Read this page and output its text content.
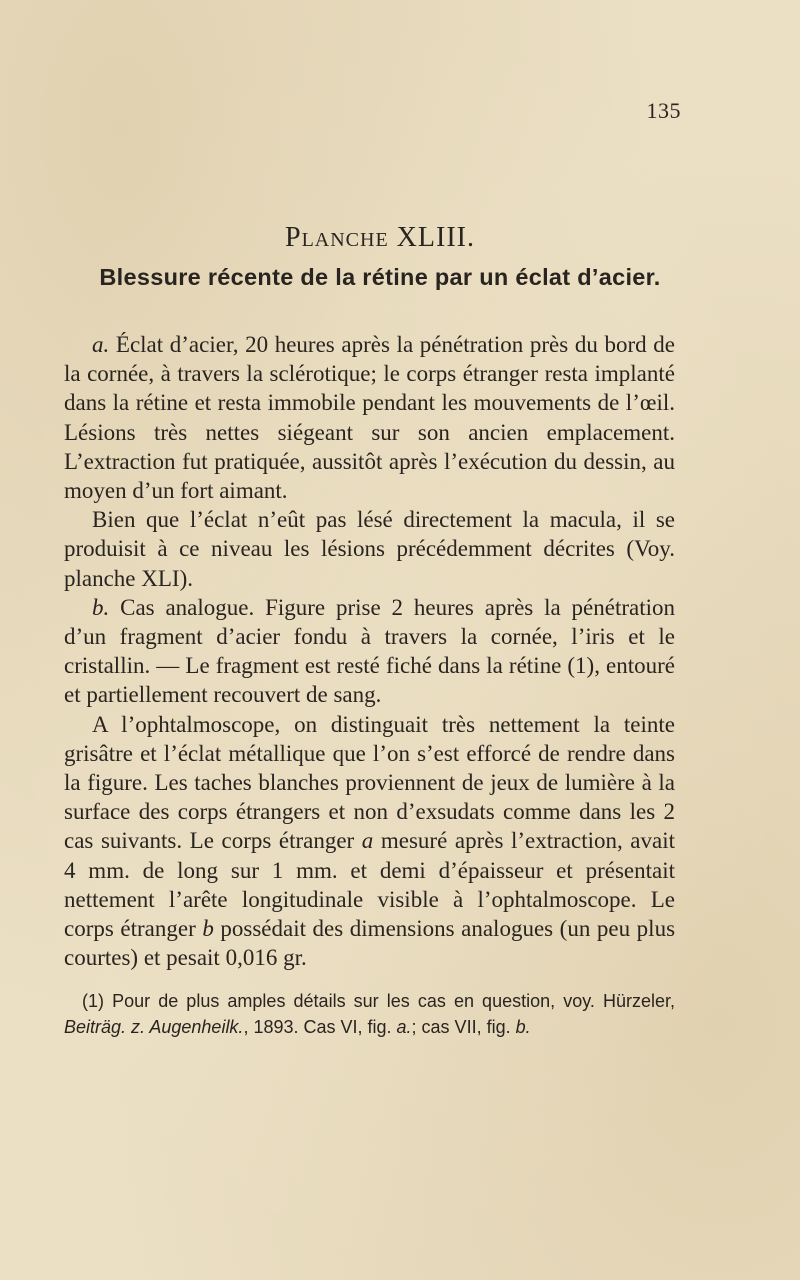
135
Planche XLIII.
Blessure récente de la rétine par un éclat d’acier.

a. Éclat d’acier, 20 heures après la pénétration près du bord de la cornée, à travers la sclérotique; le corps étranger resta implanté dans la rétine et resta immobile pendant les mouvements de l’œil. Lésions très nettes siégeant sur son ancien emplacement. L’extraction fut pratiquée, aussitôt après l’exécution du dessin, au moyen d’un fort aimant.

Bien que l’éclat n’eût pas lésé directement la macula, il se produisit à ce niveau les lésions précédemment décrites (Voy. planche XLI).

b. Cas analogue. Figure prise 2 heures après la pénétration d’un fragment d’acier fondu à travers la cornée, l’iris et le cristallin. — Le fragment est resté fiché dans la rétine (1), entouré et partiellement recouvert de sang.

A l’ophtalmoscope, on distinguait très nettement la teinte grisâtre et l’éclat métallique que l’on s’est efforcé de rendre dans la figure. Les taches blanches proviennent de jeux de lumière à la surface des corps étrangers et non d’exsudats comme dans les 2 cas suivants. Le corps étranger a mesuré après l’extraction, avait 4 mm. de long sur 1 mm. et demi d’épaisseur et présentait nettement l’arête longitudinale visible à l’ophtalmoscope. Le corps étranger b possédait des dimensions analogues (un peu plus courtes) et pesait 0,016 gr.

(1) Pour de plus amples détails sur les cas en question, voy. Hürzeler, Beiträg. z. Augenheilk., 1893. Cas VI, fig. a.; cas VII, fig. b.
